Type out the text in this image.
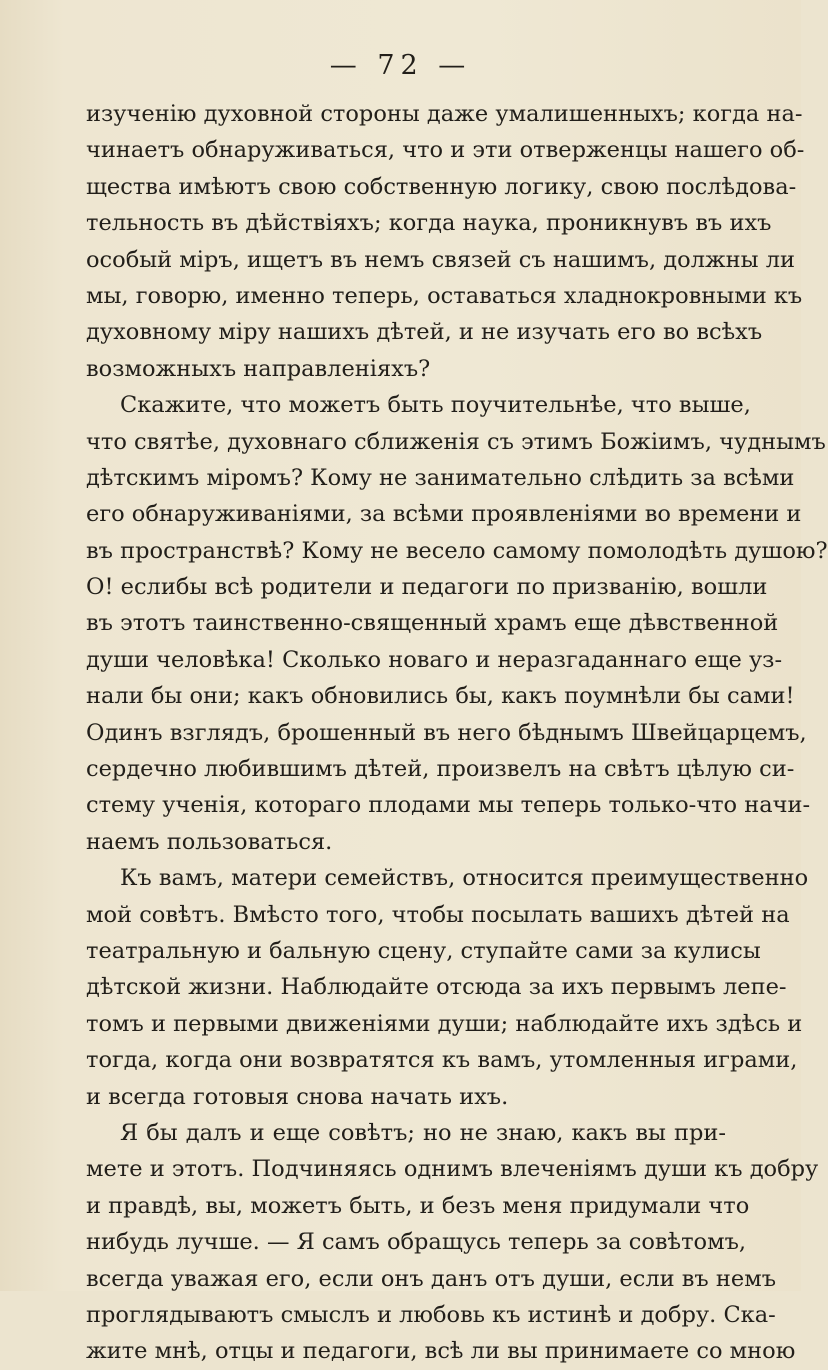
— 72 —
изученію духовной стороны даже умалишенныхъ; когда на-
чинаетъ обнаруживаться, что и эти отверженцы нашего об-
щества имѣютъ свою собственную логику, свою послѣдова-
тельность въ дѣйствіяхъ; когда наука, проникнувъ въ ихъ
особый міръ, ищетъ въ немъ связей съ нашимъ, должны ли
мы, говорю, именно теперь, оставаться хладнокровными къ
духовному міру нашихъ дѣтей, и не изучать его во всѣхъ
возможныхъ направленіяхъ?
Скажите, что можетъ быть поучительнѣе, что выше,
что святѣе, духовнаго сближенія съ этимъ Божіимъ, чуднымъ
дѣтскимъ міромъ? Кому не занимательно слѣдить за всѣми
его обнаруживаніями, за всѣми проявленіями во времени и
въ пространствѣ? Кому не весело самому помолодѣть душою?
О! еслибы всѣ родители и педагоги по призванію, вошли
въ этотъ таинственно-священный храмъ еще дѣвственной
души человѣка! Сколько новаго и неразгаданнаго еще уз-
нали бы они; какъ обновились бы, какъ поумнѣли бы сами!
Одинъ взглядъ, брошенный въ него бѣднымъ Швейцарцемъ,
сердечно любившимъ дѣтей, произвелъ на свѣтъ цѣлую си-
стему ученія, котораго плодами мы теперь только-что начи-
наемъ пользоваться.
Къ вамъ, матери семействъ, относится преимущественно
мой совѣтъ. Вмѣсто того, чтобы посылать вашихъ дѣтей на
театральную и бальную сцену, ступайте сами за кулисы
дѣтской жизни. Наблюдайте отсюда за ихъ первымъ лепе-
томъ и первыми движеніями души; наблюдайте ихъ здѣсь и
тогда, когда они возвратятся къ вамъ, утомленныя играми,
и всегда готовыя снова начать ихъ.
Я бы далъ и еще совѣтъ; но не знаю, какъ вы при-
мете и этотъ. Подчиняясь однимъ влеченіямъ души къ добру
и правдѣ, вы, можетъ быть, и безъ меня придумали что
нибудь лучше. — Я самъ обращусь теперь за совѣтомъ,
всегда уважая его, если онъ данъ отъ души, если въ немъ
проглядываютъ смыслъ и любовь къ истинѣ и добру. Ска-
жите мнѣ, отцы и педагоги, всѣ ли вы принимаете со мною
